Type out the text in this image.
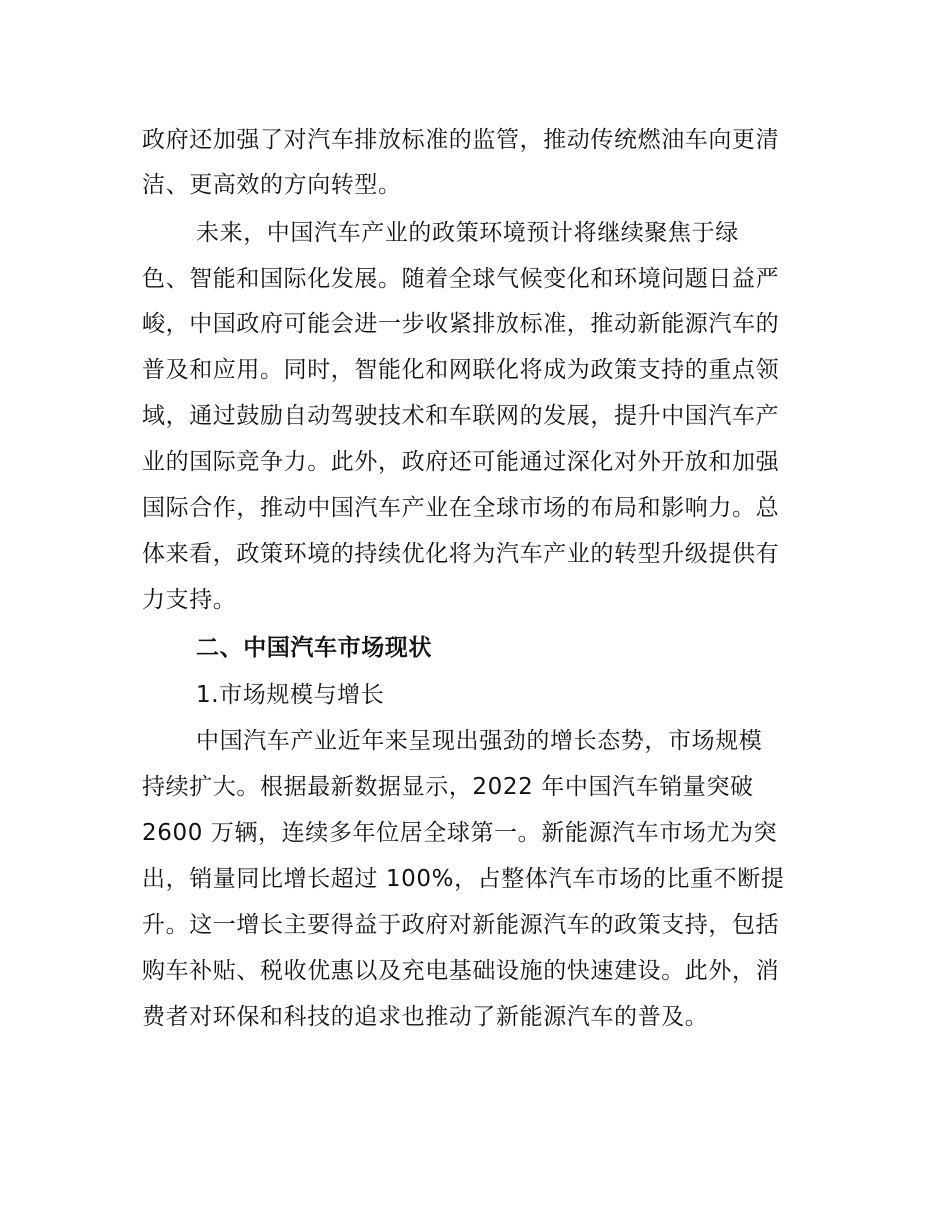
政府还加强了对汽车排放标准的监管，推动传统燃油车向更清
洁、更高效的方向转型。
未来，中国汽车产业的政策环境预计将继续聚焦于绿
色、智能和国际化发展。随着全球气候变化和环境问题日益严
峻，中国政府可能会进一步收紧排放标准，推动新能源汽车的
普及和应用。同时，智能化和网联化将成为政策支持的重点领
域，通过鼓励自动驾驶技术和车联网的发展，提升中国汽车产
业的国际竞争力。此外，政府还可能通过深化对外开放和加强
国际合作，推动中国汽车产业在全球市场的布局和影响力。总
体来看，政策环境的持续优化将为汽车产业的转型升级提供有
力支持。
二、中国汽车市场现状
1.市场规模与增长
中国汽车产业近年来呈现出强劲的增长态势，市场规模
持续扩大。根据最新数据显示，2022 年中国汽车销量突破
2600 万辆，连续多年位居全球第一。新能源汽车市场尤为突
出，销量同比增长超过 100%，占整体汽车市场的比重不断提
升。这一增长主要得益于政府对新能源汽车的政策支持，包括
购车补贴、税收优惠以及充电基础设施的快速建设。此外，消
费者对环保和科技的追求也推动了新能源汽车的普及。
